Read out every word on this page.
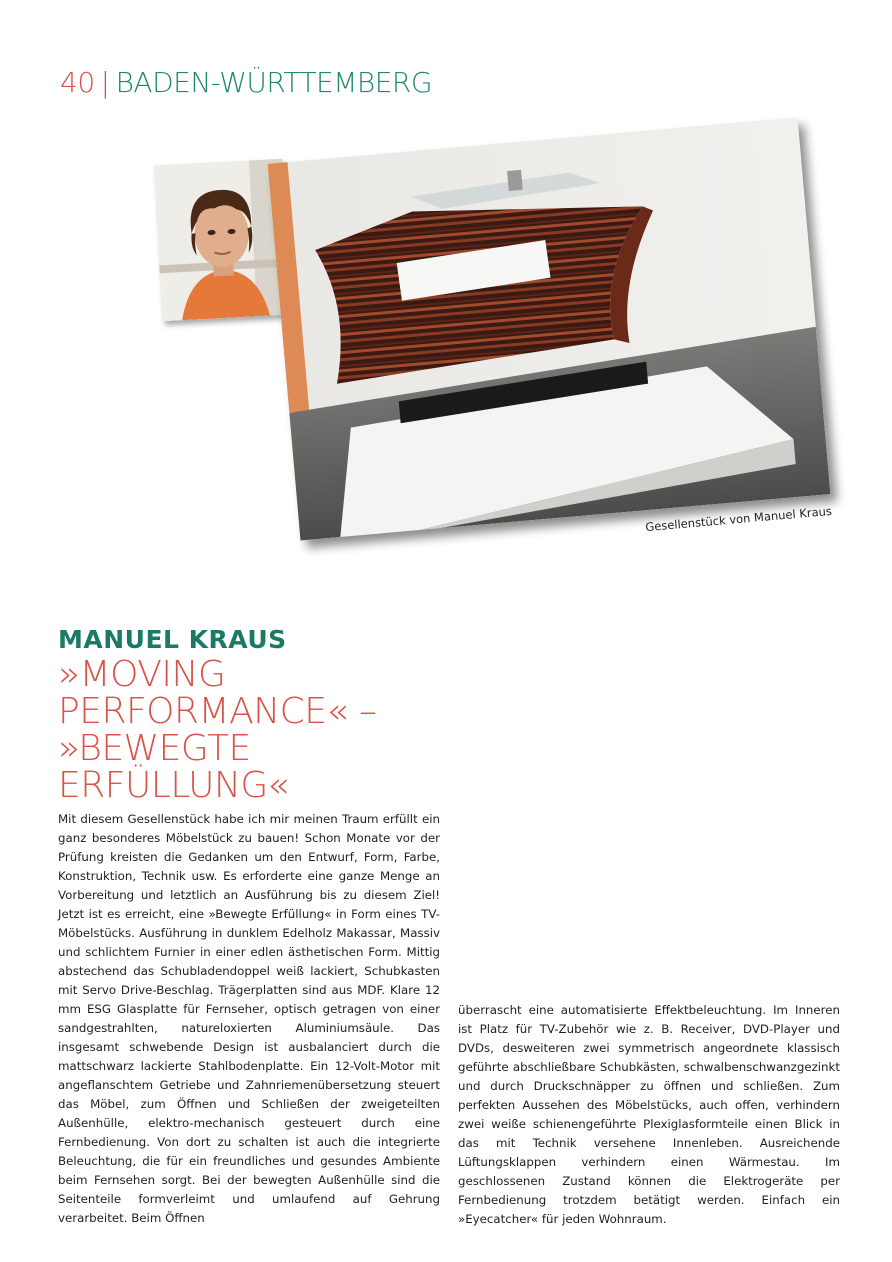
40 | BADEN-WÜRTTEMBERG
Gesellenstück von Manuel Kraus
MANUEL KRAUS
»MOVING
PERFORMANCE« –
»BEWEGTE
ERFÜLLUNG«
Mit diesem Gesellenstück habe ich mir meinen Traum erfüllt ein ganz besonderes Möbelstück zu bauen! Schon Monate vor der Prüfung kreisten die Gedanken um den Entwurf, Form, Farbe, Konstruktion, Technik usw. Es erforderte eine ganze Menge an Vorbereitung und letztlich an Ausführung bis zu diesem Ziel! Jetzt ist es erreicht, eine »Bewegte Erfüllung« in Form eines TV-Möbelstücks. Ausführung in dunklem Edelholz Makassar, Massiv und schlichtem Furnier in einer edlen ästhetischen Form. Mittig abstechend das Schubladendoppel weiß lackiert, Schubkasten mit Servo Drive-Beschlag. Trägerplatten sind aus MDF. Klare 12 mm ESG Glasplatte für Fernseher, optisch getragen von einer sandgestrahlten, natureloxierten Aluminiumsäule. Das insgesamt schwebende Design ist ausbalanciert durch die mattschwarz lackierte Stahlbodenplatte. Ein 12-Volt-Motor mit angeflanschtem Getriebe und Zahnriemenübersetzung steuert das Möbel, zum Öffnen und Schließen der zweigeteilten Außenhülle, elektro-mechanisch gesteuert durch eine Fernbedienung. Von dort zu schalten ist auch die integrierte Beleuchtung, die für ein freundliches und gesundes Ambiente beim Fernsehen sorgt. Bei der bewegten Außenhülle sind die Seitenteile formverleimt und umlaufend auf Gehrung verarbeitet. Beim Öffnen
überrascht eine automatisierte Effektbeleuchtung. Im Inneren ist Platz für TV-Zubehör wie z. B. Receiver, DVD-Player und DVDs, desweiteren zwei symmetrisch angeordnete klassisch geführte abschließbare Schubkästen, schwalbenschwanzgezinkt und durch Druckschnäpper zu öffnen und schließen. Zum perfekten Aussehen des Möbelstücks, auch offen, verhindern zwei weiße schienengeführte Plexiglasformteile einen Blick in das mit Technik versehene Innenleben. Ausreichende Lüftungsklappen verhindern einen Wärmestau. Im geschlossenen Zustand können die Elektrogeräte per Fernbedienung trotzdem betätigt werden. Einfach ein »Eyecatcher« für jeden Wohnraum.
